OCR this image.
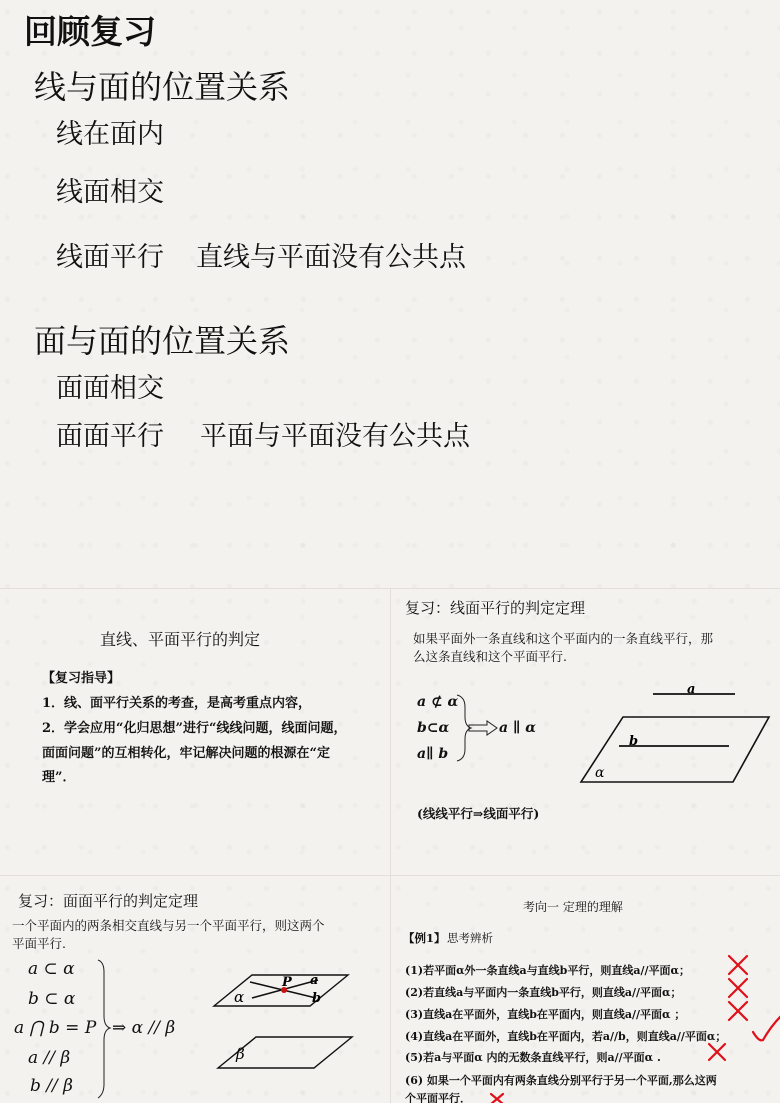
回顾复习
线与面的位置关系
线在面内
线面相交
线面平行 直线与平面没有公共点
面与面的位置关系
面面相交
面面平行 平面与平面没有公共点
直线、平面平行的判定
【复习指导】
1．线、面平行关系的考查，是高考重点内容，
2．学会应用“化归思想”进行“线线问题，线面问题，
面面问题”的互相转化，牢记解决问题的根源在“定
理”．
复习：线面平行的判定定理
如果平面外一条直线和这个平面内的一条直线平行，那
么这条直线和这个平面平行.
a ⊄ α
b⊂α
a∥ b
a ∥ α
a
b
α
(线线平行⇒线面平行)
复习：面面平行的判定定理
一个平面内的两条相交直线与另一个平面平行，则这两个
平面平行.
a ⊂ α
b ⊂ α
a ⋂ b = P
a // β
b // β
⇒ α // β
P a
b
α
β
考向一 定理的理解
【例1】 思考辨析
(1)若平面α外一条直线a与直线b平行，则直线a//平面α；
(2)若直线a与平面内一条直线b平行，则直线a//平面α；
(3)直线a在平面外，直线b在平面内，则直线a//平面α ；
(4)直线a在平面外，直线b在平面内，若a//b，则直线a//平面α；
(5)若a与平面α 内的无数条直线平行，则a//平面α .
(6) 如果一个平面内有两条直线分别平行于另一个平面,那么这两
个平面平行．
